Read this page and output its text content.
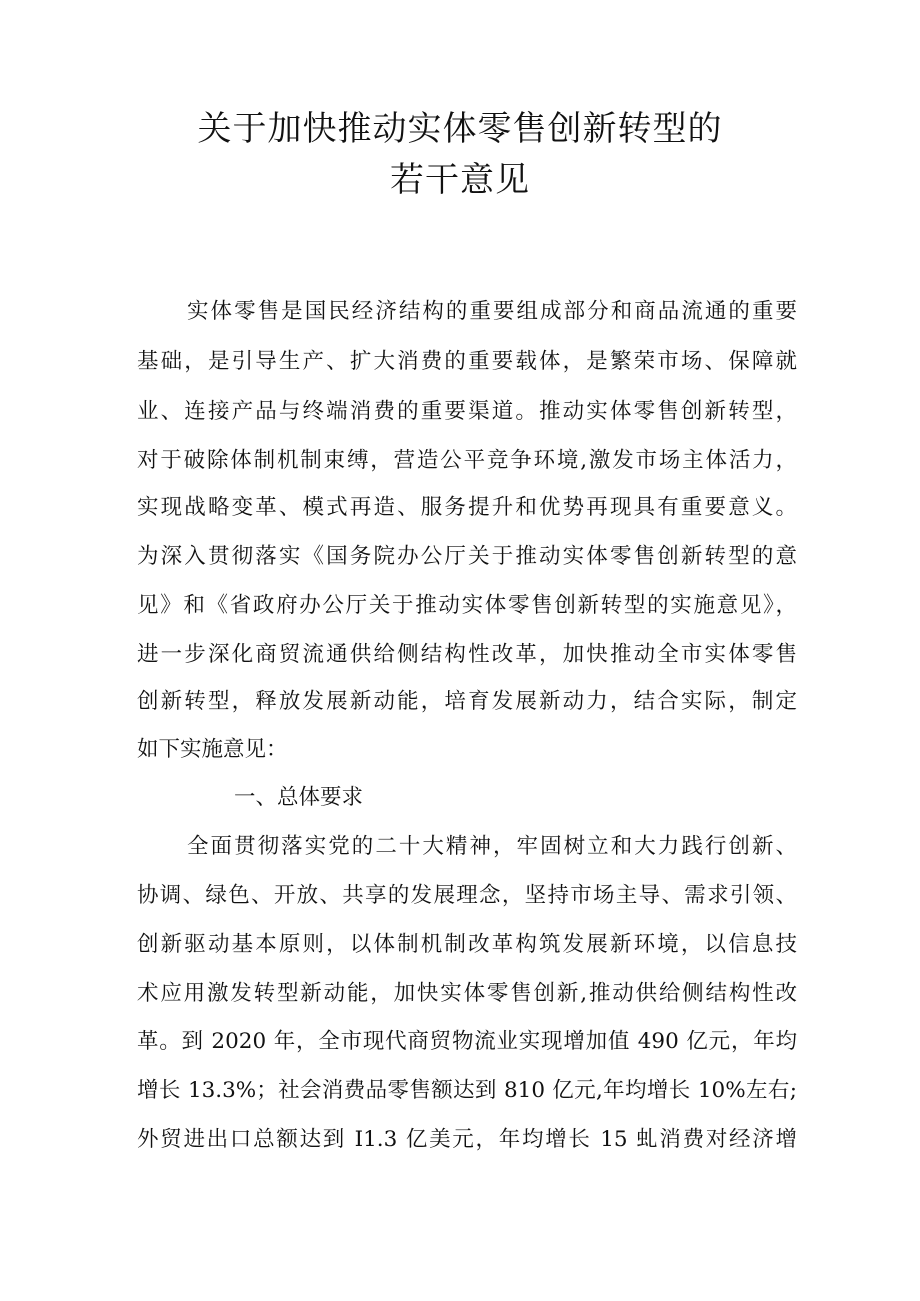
关于加快推动实体零售创新转型的
若干意见
实体零售是国民经济结构的重要组成部分和商品流通的重要
基础，是引导生产、扩大消费的重要载体，是繁荣市场、保障就
业、连接产品与终端消费的重要渠道。推动实体零售创新转型，
对于破除体制机制束缚，营造公平竞争环境,激发市场主体活力，
实现战略变革、模式再造、服务提升和优势再现具有重要意义。
为深入贯彻落实《国务院办公厅关于推动实体零售创新转型的意
见》和《省政府办公厅关于推动实体零售创新转型的实施意见》，
进一步深化商贸流通供给侧结构性改革，加快推动全市实体零售
创新转型，释放发展新动能，培育发展新动力，结合实际，制定
如下实施意见：
一、总体要求
全面贯彻落实党的二十大精神，牢固树立和大力践行创新、
协调、绿色、开放、共享的发展理念，坚持市场主导、需求引领、
创新驱动基本原则，以体制机制改革构筑发展新环境，以信息技
术应用激发转型新动能，加快实体零售创新,推动供给侧结构性改
革。到 2020 年，全市现代商贸物流业实现增加值 490 亿元，年均
增长 13.3%；社会消费品零售额达到 810 亿元,年均增长 10%左右;
外贸进出口总额达到 I1.3 亿美元，年均增长 15 虬消费对经济增
